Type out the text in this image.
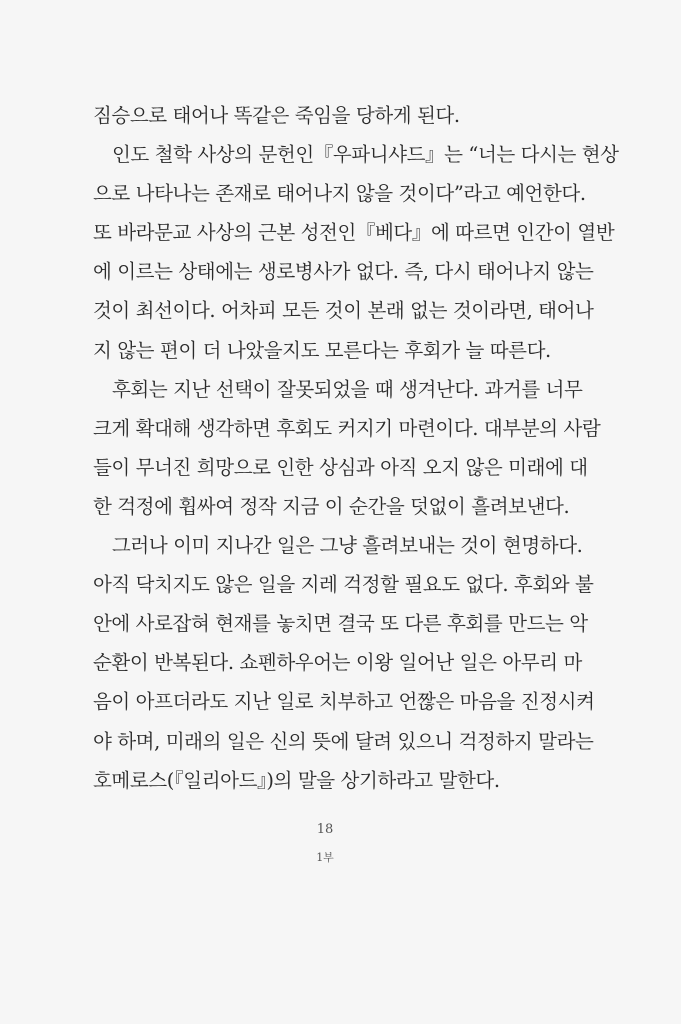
짐승으로 태어나 똑같은 죽임을 당하게 된다.
인도 철학 사상의 문헌인『우파니샤드』는 “너는 다시는 현상
으로 나타나는 존재로 태어나지 않을 것이다”라고 예언한다.
또 바라문교 사상의 근본 성전인『베다』에 따르면 인간이 열반
에 이르는 상태에는 생로병사가 없다. 즉, 다시 태어나지 않는
것이 최선이다. 어차피 모든 것이 본래 없는 것이라면, 태어나
지 않는 편이 더 나았을지도 모른다는 후회가 늘 따른다.
후회는 지난 선택이 잘못되었을 때 생겨난다. 과거를 너무
크게 확대해 생각하면 후회도 커지기 마련이다. 대부분의 사람
들이 무너진 희망으로 인한 상심과 아직 오지 않은 미래에 대
한 걱정에 휩싸여 정작 지금 이 순간을 덧없이 흘려보낸다.
그러나 이미 지나간 일은 그냥 흘려보내는 것이 현명하다.
아직 닥치지도 않은 일을 지레 걱정할 필요도 없다. 후회와 불
안에 사로잡혀 현재를 놓치면 결국 또 다른 후회를 만드는 악
순환이 반복된다. 쇼펜하우어는 이왕 일어난 일은 아무리 마
음이 아프더라도 지난 일로 치부하고 언짢은 마음을 진정시켜
야 하며, 미래의 일은 신의 뜻에 달려 있으니 걱정하지 말라는
호메로스(『일리아드』)의 말을 상기하라고 말한다.
18
1부
